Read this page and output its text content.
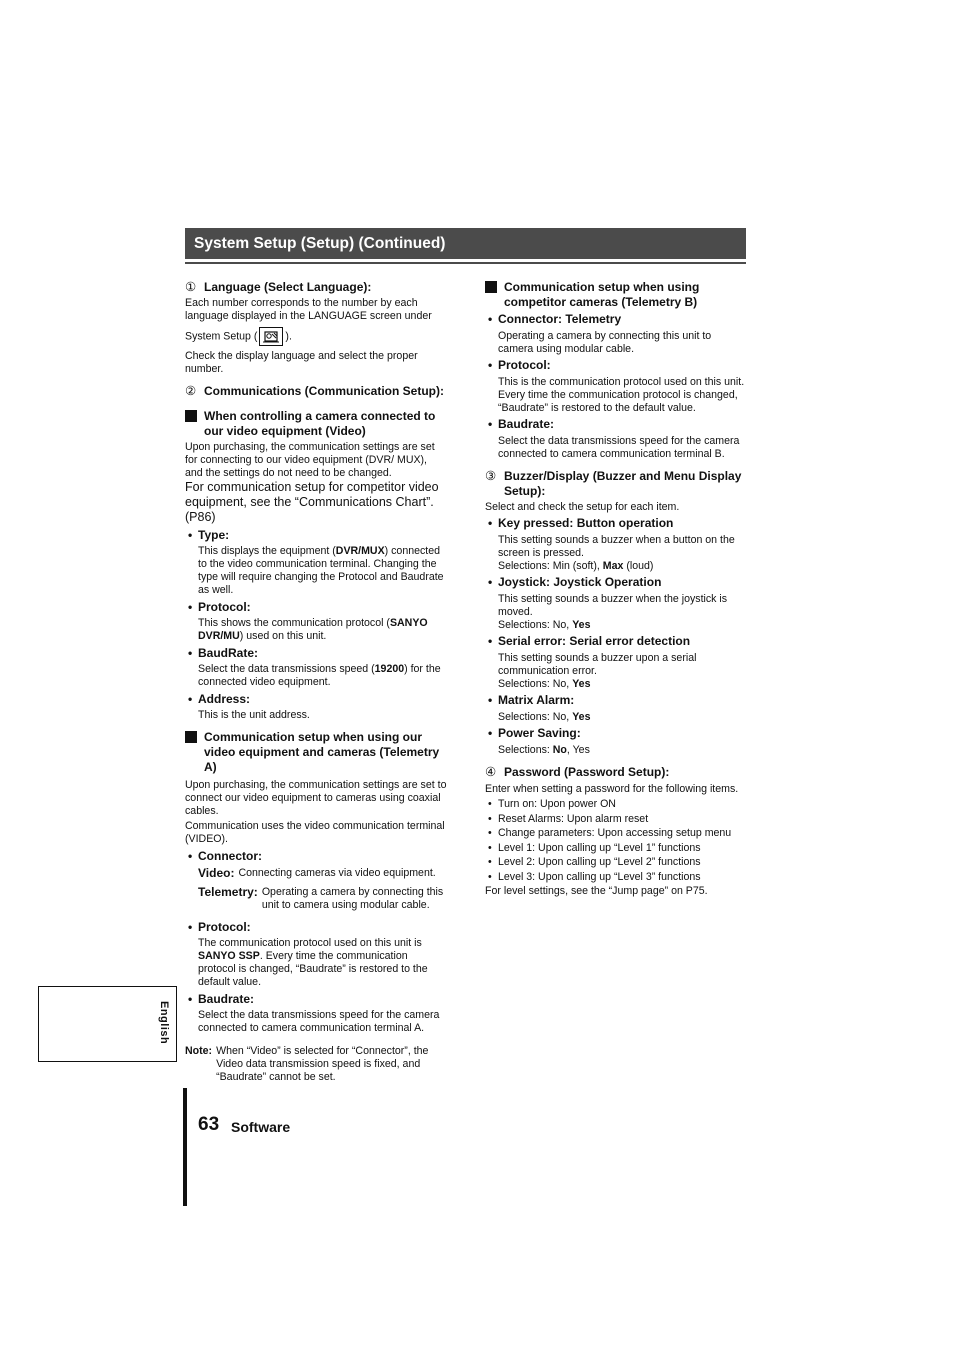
System Setup (Setup) (Continued)
① Language (Select Language):

Each number corresponds to the number by each language displayed in the LANGUAGE screen under

System Setup (	).

Check the display language and select the proper number.

② Communications (Communication Setup):
When controlling a camera connected to our video equipment (Video)

Upon purchasing, the communication settings are set for connecting to our video equipment (DVR/ MUX), and the settings do not need to be changed.

For communication setup for competitor video equipment, see the “Communications Chart”. (P86)

• Type:

This displays the equipment (DVR/MUX) connected to the video communication terminal. Changing the type will require changing the Protocol and Baudrate as well.

• Protocol:

This shows the communication protocol (SANYO DVR/MU) used on this unit.

• BaudRate:

Select the data transmissions speed (19200) for the connected video equipment.

• Address:

This is the unit address.

Communication setup when using our video equipment and cameras (Telemetry A)

Upon purchasing, the communication settings are set to connect our video equipment to cameras using coaxial cables.

Communication uses the video communication terminal (VIDEO).

• Connector:
Video: Connecting cameras via video equipment.
Telemetry: Operating a camera by connecting this unit to camera using modular cable.
• Protocol:

The communication protocol used on this unit is SANYO SSP. Every time the communication protocol is changed, “Baudrate” is restored to the default value.

• Baudrate:

Select the data transmissions speed for the camera connected to camera communication terminal A.

Note: When “Video” is selected for “Connector”, the Video data transmission speed is fixed, and “Baudrate” cannot be set.
Communication setup when using competitor cameras (Telemetry B)
• Connector: Telemetry

Operating a camera by connecting this unit to camera using modular cable.

• Protocol:

This is the communication protocol used on this unit.

Every time the communication protocol is changed, “Baudrate” is restored to the default value.

• Baudrate:

Select the data transmissions speed for the camera connected to camera communication terminal B.

③ Buzzer/Display (Buzzer and Menu Display Setup):

Select and check the setup for each item.

• Key pressed: Button operation

This setting sounds a buzzer when a button on the screen is pressed.

Selections: Min (soft), Max (loud)

• Joystick: Joystick Operation

This setting sounds a buzzer when the joystick is moved.

Selections: No, Yes

• Serial error: Serial error detection

This setting sounds a buzzer upon a serial communication error.

Selections: No, Yes

• Matrix Alarm:

Selections: No, Yes

• Power Saving:

Selections: No, Yes

④ Password (Password Setup):

Enter when setting a password for the following items.

• Turn on: Upon power ON
• Reset Alarms: Upon alarm reset
• Change parameters: Upon accessing setup menu
• Level 1: Upon calling up “Level 1” functions
• Level 2: Upon calling up “Level 2” functions
• Level 3: Upon calling up “Level 3” functions

For level settings, see the “Jump page” on P75.

English
63 Software
